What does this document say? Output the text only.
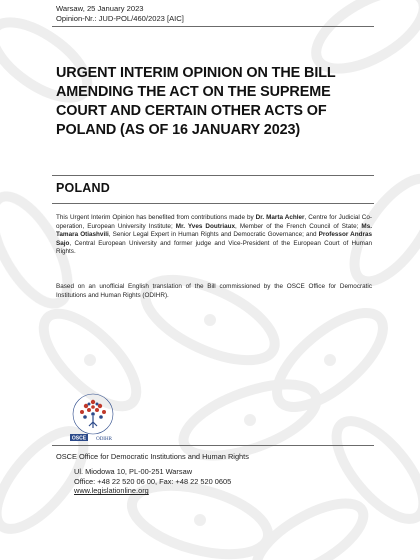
Warsaw, 25 January 2023
Opinion-Nr.: JUD-POL/460/2023 [AIC]
URGENT INTERIM OPINION ON THE BILL
AMENDING THE ACT ON THE SUPREME
COURT AND CERTAIN OTHER ACTS OF
POLAND (AS OF 16 JANUARY 2023)
POLAND

This Urgent Interim Opinion has benefited from contributions made by Dr. Marta Achler, Centre for Judicial Co-operation, European University Institute; Mr. Yves Doutriaux, Member of the French Council of State; Ms. Tamara Otiashvili, Senior Legal Expert in Human Rights and Democratic Governance; and Professor Andras Sajo, Central European University and former judge and Vice-President of the European Court of Human Rights.

Based on an unofficial English translation of the Bill commissioned by the OSCE Office for Democratic Institutions and Human Rights (ODIHR).

OSCE ODIHR
OSCE Office for Democratic Institutions and Human Rights
Ul. Miodowa 10, PL-00-251 Warsaw
Office: +48 22 520 06 00, Fax: +48 22 520 0605
www.legislationline.org
